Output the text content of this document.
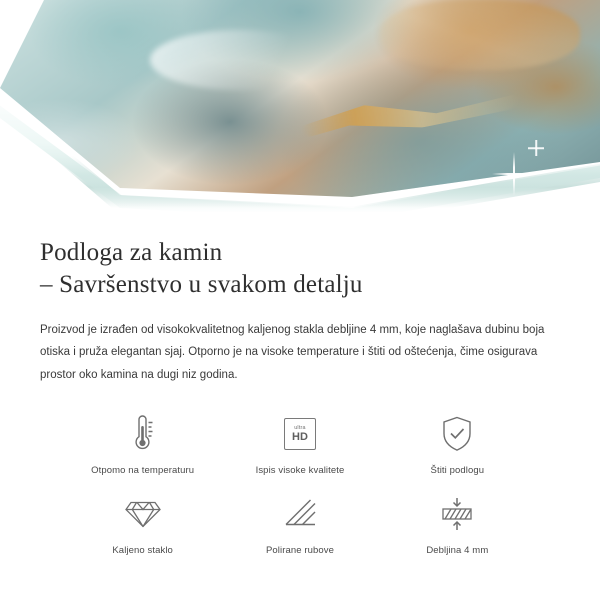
Podloga za kamin
– Savršenstvo u svakom detalju

Proizvod je izrađen od visokokvalitetnog kaljenog stakla debljine 4 mm, koje naglašava dubinu boja otiska i pruža elegantan sjaj. Otporno je na visoke temperature i štiti od oštećenja, čime osigurava prostor oko kamina na dugi niz godina.

Otpomo na temperaturu
ultra
HD
Ispis visoke kvalitete	Štiti podlogu
Kaljeno staklo	Polirane rubove	Debljina 4 mm
